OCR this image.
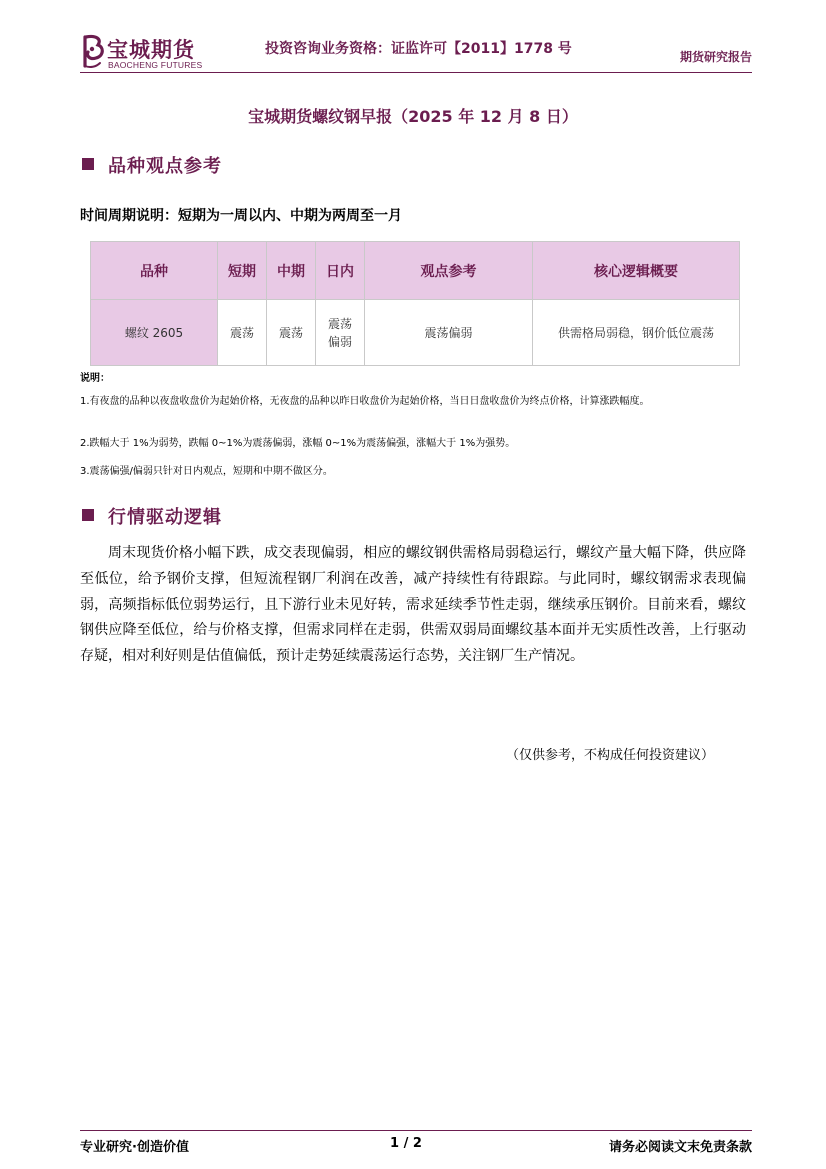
宝城期货
BAOCHENG FUTURES
投资咨询业务资格：证监许可【2011】1778 号	期货研究报告
宝城期货螺纹钢早报（2025 年 12 月 8 日）
品种观点参考
时间周期说明：短期为一周以内、中期为两周至一月
品种	短期	中期	日内	观点参考	核心逻辑概要
螺纹 2605	震荡	震荡	震荡偏弱	震荡偏弱	供需格局弱稳，钢价低位震荡
说明：
1.有夜盘的品种以夜盘收盘价为起始价格，无夜盘的品种以昨日收盘价为起始价格，当日日盘收盘价为终点价格，计算涨跌幅度。
2.跌幅大于 1%为弱势，跌幅 0~1%为震荡偏弱，涨幅 0~1%为震荡偏强，涨幅大于 1%为强势。
3.震荡偏强/偏弱只针对日内观点，短期和中期不做区分。
行情驱动逻辑

周末现货价格小幅下跌，成交表现偏弱，相应的螺纹钢供需格局弱稳运行，螺纹产量大幅下降，供应降至低位，给予钢价支撑，但短流程钢厂利润在改善，减产持续性有待跟踪。与此同时，螺纹钢需求表现偏弱，高频指标低位弱势运行，且下游行业未见好转，需求延续季节性走弱，继续承压钢价。目前来看，螺纹钢供应降至低位，给与价格支撑，但需求同样在走弱，供需双弱局面螺纹基本面并无实质性改善，上行驱动存疑，相对利好则是估值偏低，预计走势延续震荡运行态势，关注钢厂生产情况。

（仅供参考，不构成任何投资建议）
专业研究·创造价值	1 / 2	请务必阅读文末免责条款
